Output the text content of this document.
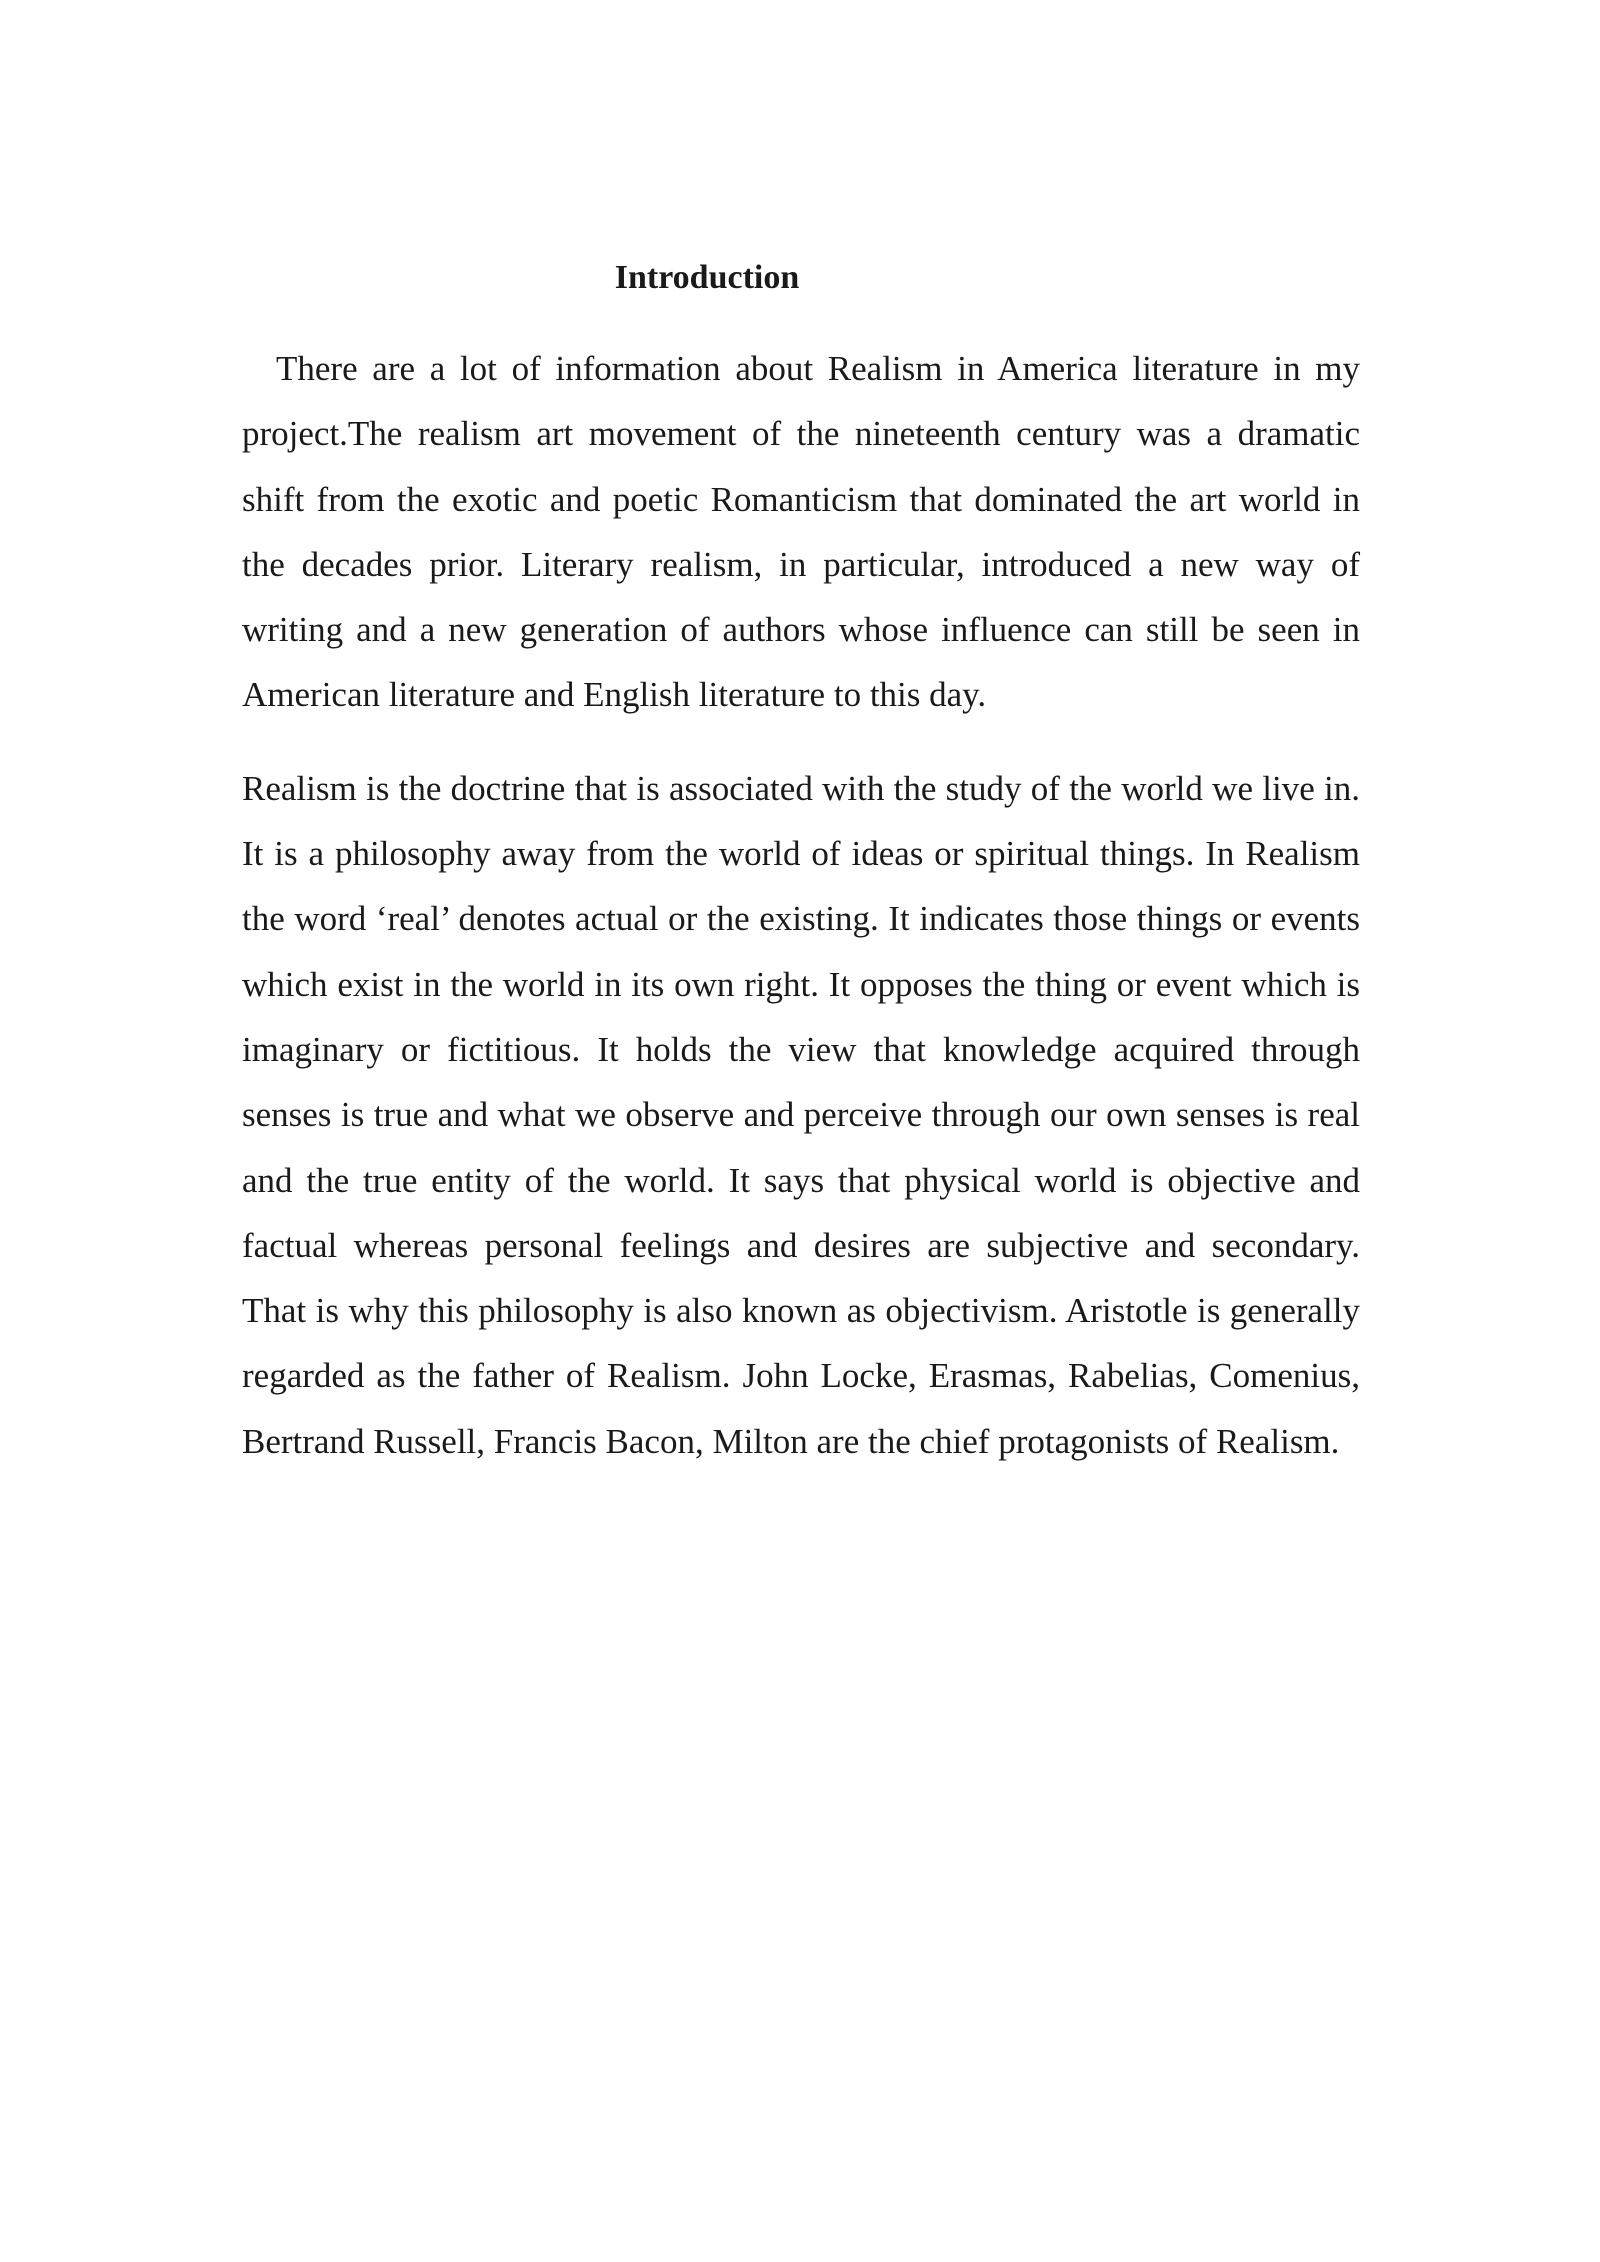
Introduction

There are a lot of information about Realism in America literature in my project.The realism art movement of the nineteenth century was a dramatic shift from the exotic and poetic Romanticism that dominated the art world in the decades prior. Literary realism, in particular, introduced a new way of writing and a new generation of authors whose influence can still be seen in American literature and English literature to this day.

Realism is the doctrine that is associated with the study of the world we live in. It is a philosophy away from the world of ideas or spiritual things. In Realism the word ‘real’ denotes actual or the existing. It indicates those things or events which exist in the world in its own right. It opposes the thing or event which is imaginary or fictitious. It holds the view that knowledge acquired through senses is true and what we observe and perceive through our own senses is real and the true entity of the world. It says that physical world is objective and factual whereas personal feelings and desires are subjective and secondary. That is why this philosophy is also known as objectivism. Aristotle is generally regarded as the father of Realism. John Locke, Erasmas, Rabelias, Comenius, Bertrand Russell, Francis Bacon, Milton are the chief protagonists of Realism.
